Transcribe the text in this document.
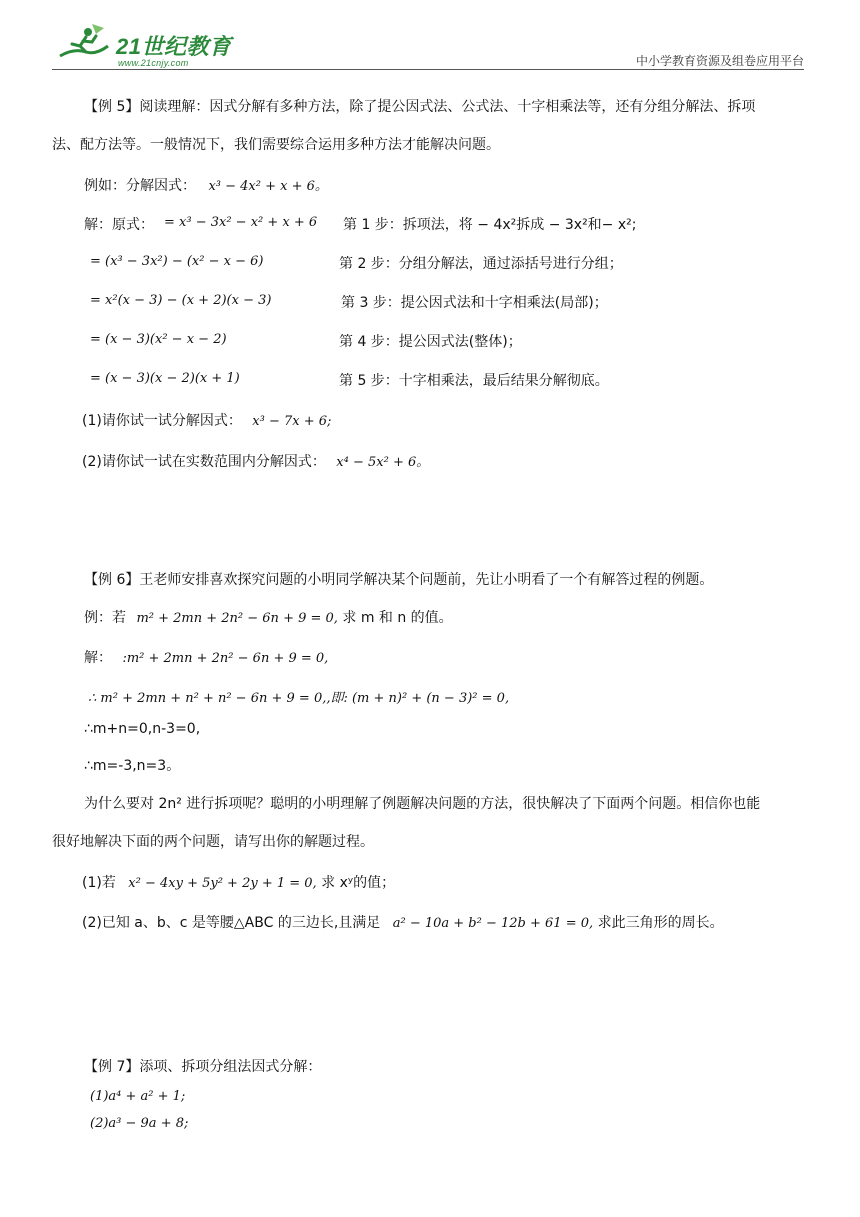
21世纪教育
www.21cnjy.com	中小学教育资源及组卷应用平台
【例 5】阅读理解：因式分解有多种方法，除了提公因式法、公式法、十字相乘法等，还有分组分解法、拆项
法、配方法等。一般情况下，我们需要综合运用多种方法才能解决问题。
例如：分解因式： x³ − 4x² + x + 6。
解：原式： = x³ − 3x² − x² + x + 6 第 1 步：拆项法，将 − 4x²拆成 − 3x²和− x²;
= (x³ − 3x²) − (x² − x − 6)	第 2 步：分组分解法，通过添括号进行分组；
= x²(x − 3) − (x + 2)(x − 3)	第 3 步：提公因式法和十字相乘法(局部)；
= (x − 3)(x² − x − 2)	第 4 步：提公因式法(整体)；
= (x − 3)(x − 2)(x + 1)	第 5 步：十字相乘法，最后结果分解彻底。
(1)请你试一试分解因式： x³ − 7x + 6;
(2)请你试一试在实数范围内分解因式： x⁴ − 5x² + 6。
【例 6】王老师安排喜欢探究问题的小明同学解决某个问题前，先让小明看了一个有解答过程的例题。
例：若 m² + 2mn + 2n² − 6n + 9 = 0, 求 m 和 n 的值。
解： :m² + 2mn + 2n² − 6n + 9 = 0,
∴ m² + 2mn + n² + n² − 6n + 9 = 0,,即: (m + n)² + (n − 3)² = 0,
∴m+n=0,n-3=0,
∴m=-3,n=3。
为什么要对 2n² 进行拆项呢？聪明的小明理解了例题解决问题的方法，很快解决了下面两个问题。相信你也能
很好地解决下面的两个问题，请写出你的解题过程。
(1)若 x² − 4xy + 5y² + 2y + 1 = 0, 求 xʸ的值；
(2)已知 a、b、c 是等腰△ABC 的三边长,且满足 a² − 10a + b² − 12b + 61 = 0, 求此三角形的周长。
【例 7】添项、拆项分组法因式分解：
(1)a⁴ + a² + 1;
(2)a³ − 9a + 8;
